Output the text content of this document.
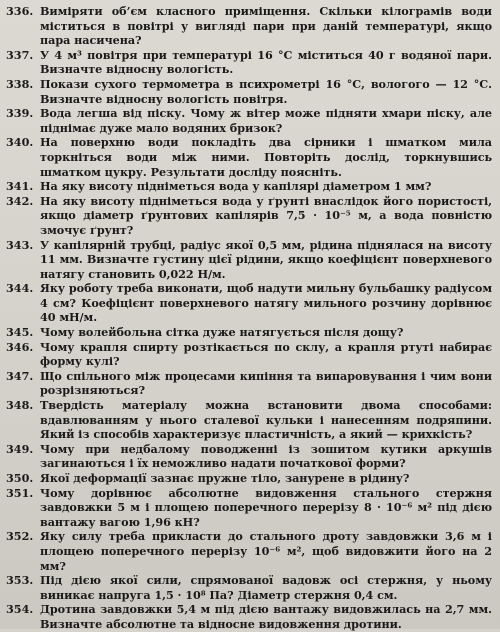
336. Виміряти об’єм класного приміщення. Скільки кілограмів води міститься в повітрі у вигляді пари при даній температурі, якщо пара насичена?
337. У 4 м³ повітря при температурі 16 °С міститься 40 г водяної пари. Визначте відносну вологість.
338. Покази сухого термометра в психрометрі 16 °С, вологого — 12 °С. Визначте відносну вологість повітря.
339. Вода легша від піску. Чому ж вітер може підняти хмари піску, але піднімає дуже мало водяних бризок?
340. На поверхню води покладіть два сірники і шматком мила торкніться води між ними. Повторіть дослід, торкнувшись шматком цукру. Результати досліду поясніть.
341. На яку висоту підніметься вода у капілярі діаметром 1 мм?
342. На яку висоту підніметься вода у ґрунті внаслідок його пористості, якщо діаметр ґрунтових капілярів 7,5 · 10⁻⁵ м, а вода повністю змочує ґрунт?
343. У капілярній трубці, радіус якої 0,5 мм, рідина піднялася на висоту 11 мм. Визначте густину цієї рідини, якщо коефіцієнт поверхневого натягу становить 0,022 Н/м.
344. Яку роботу треба виконати, щоб надути мильну бульбашку радіусом 4 см? Коефіцієнт поверхневого натягу мильного розчину дорівнює 40 мН/м.
345. Чому волейбольна сітка дуже натягується після дощу?
346. Чому крапля спирту розтікається по склу, а крапля ртуті набирає форму кулі?
347. Що спільного між процесами кипіння та випаровування і чим вони розрізняються?
348. Твердість матеріалу можна встановити двома способами: вдавлюванням у нього сталевої кульки і нанесенням подряпини. Який із способів характеризує пластичність, а який — крихкість?
349. Чому при недбалому поводженні із зошитом кутики аркушів загинаються і їх неможливо надати початкової форми?
350. Якої деформації зазнає пружне тіло, занурене в рідину?
351. Чому дорівнює абсолютне видовження стального стержня завдовжки 5 м і площею поперечного перерізу 8 · 10⁻⁶ м² під дією вантажу вагою 1,96 кН?
352. Яку силу треба прикласти до стального дроту завдовжки 3,6 м і площею поперечного перерізу 10⁻⁶ м², щоб видовжити його на 2 мм?
353. Під дією якої сили, спрямованої вадовж осі стержня, у ньому виникає напруга 1,5 · 10⁸ Па? Діаметр стержня 0,4 см.
354. Дротина завдовжки 5,4 м під дією вантажу видовжилась на 2,7 мм. Визначте абсолютне та відносне видовження дротини.
